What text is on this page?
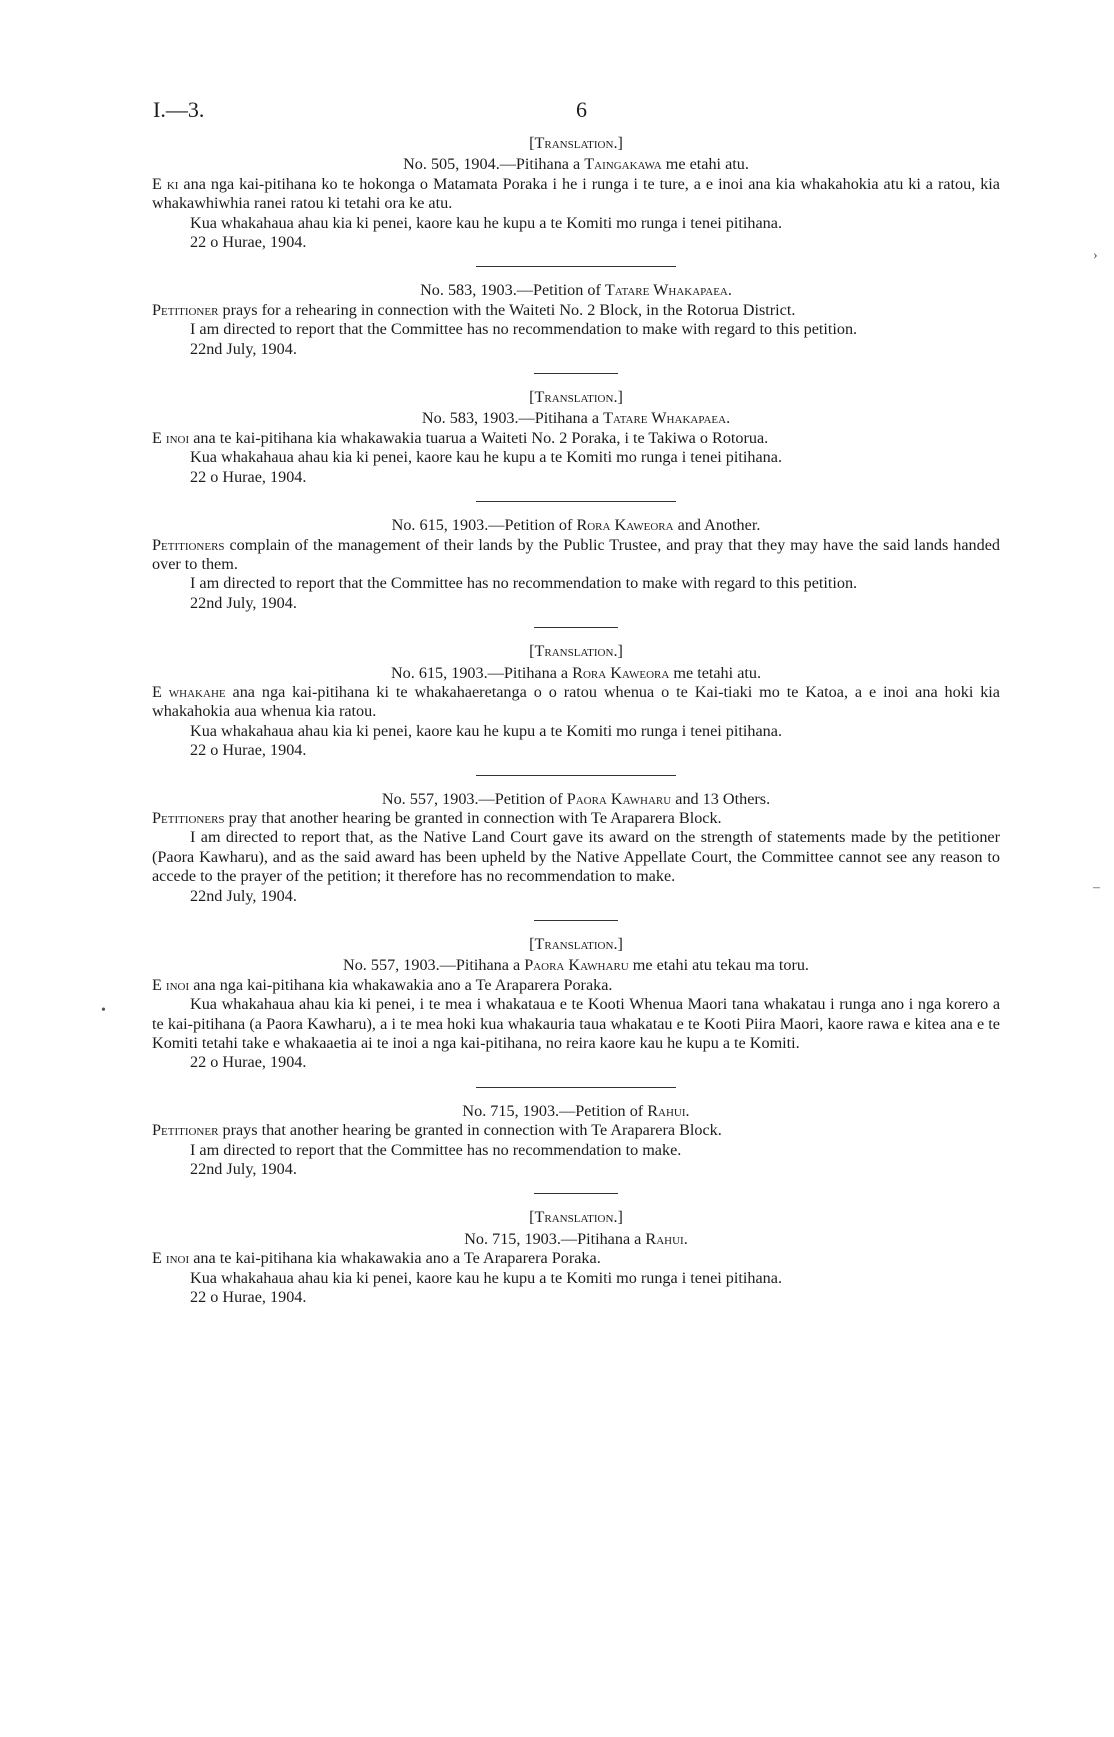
I.—3.	6
›
–
•
[Translation.]
No. 505, 1904.—Pitihana a Taingakawa me etahi atu.

E ki ana nga kai-pitihana ko te hokonga o Matamata Poraka i he i runga i te ture, a e inoi ana kia whakahokia atu ki a ratou, kia whakawhiwhia ranei ratou ki tetahi ora ke atu.

Kua whakahaua ahau kia ki penei, kaore kau he kupu a te Komiti mo runga i tenei pitihana.

22 o Hurae, 1904.
No. 583, 1903.—Petition of Tatare Whakapaea.

Petitioner prays for a rehearing in connection with the Waiteti No. 2 Block, in the Rotorua District.

I am directed to report that the Committee has no recommendation to make with regard to this petition.

22nd July, 1904.
[Translation.]
No. 583, 1903.—Pitihana a Tatare Whakapaea.

E inoi ana te kai-pitihana kia whakawakia tuarua a Waiteti No. 2 Poraka, i te Takiwa o Rotorua.

Kua whakahaua ahau kia ki penei, kaore kau he kupu a te Komiti mo runga i tenei pitihana.

22 o Hurae, 1904.
No. 615, 1903.—Petition of Rora Kaweora and Another.

Petitioners complain of the management of their lands by the Public Trustee, and pray that they may have the said lands handed over to them.

I am directed to report that the Committee has no recommendation to make with regard to this petition.

22nd July, 1904.
[Translation.]
No. 615, 1903.—Pitihana a Rora Kaweora me tetahi atu.

E whakahe ana nga kai-pitihana ki te whakahaeretanga o o ratou whenua o te Kai-tiaki mo te Katoa, a e inoi ana hoki kia whakahokia aua whenua kia ratou.

Kua whakahaua ahau kia ki penei, kaore kau he kupu a te Komiti mo runga i tenei pitihana.

22 o Hurae, 1904.
No. 557, 1903.—Petition of Paora Kawharu and 13 Others.

Petitioners pray that another hearing be granted in connection with Te Araparera Block.

I am directed to report that, as the Native Land Court gave its award on the strength of statements made by the petitioner (Paora Kawharu), and as the said award has been upheld by the Native Appellate Court, the Committee cannot see any reason to accede to the prayer of the petition; it therefore has no recommendation to make.

22nd July, 1904.
[Translation.]
No. 557, 1903.—Pitihana a Paora Kawharu me etahi atu tekau ma toru.

E inoi ana nga kai-pitihana kia whakawakia ano a Te Araparera Poraka.

Kua whakahaua ahau kia ki penei, i te mea i whakataua e te Kooti Whenua Maori tana whakatau i runga ano i nga korero a te kai-pitihana (a Paora Kawharu), a i te mea hoki kua whakauria taua whakatau e te Kooti Piira Maori, kaore rawa e kitea ana e te Komiti tetahi take e whakaaetia ai te inoi a nga kai-pitihana, no reira kaore kau he kupu a te Komiti.

22 o Hurae, 1904.
No. 715, 1903.—Petition of Rahui.

Petitioner prays that another hearing be granted in connection with Te Araparera Block.

I am directed to report that the Committee has no recommendation to make.

22nd July, 1904.
[Translation.]
No. 715, 1903.—Pitihana a Rahui.

E inoi ana te kai-pitihana kia whakawakia ano a Te Araparera Poraka.

Kua whakahaua ahau kia ki penei, kaore kau he kupu a te Komiti mo runga i tenei pitihana.

22 o Hurae, 1904.
